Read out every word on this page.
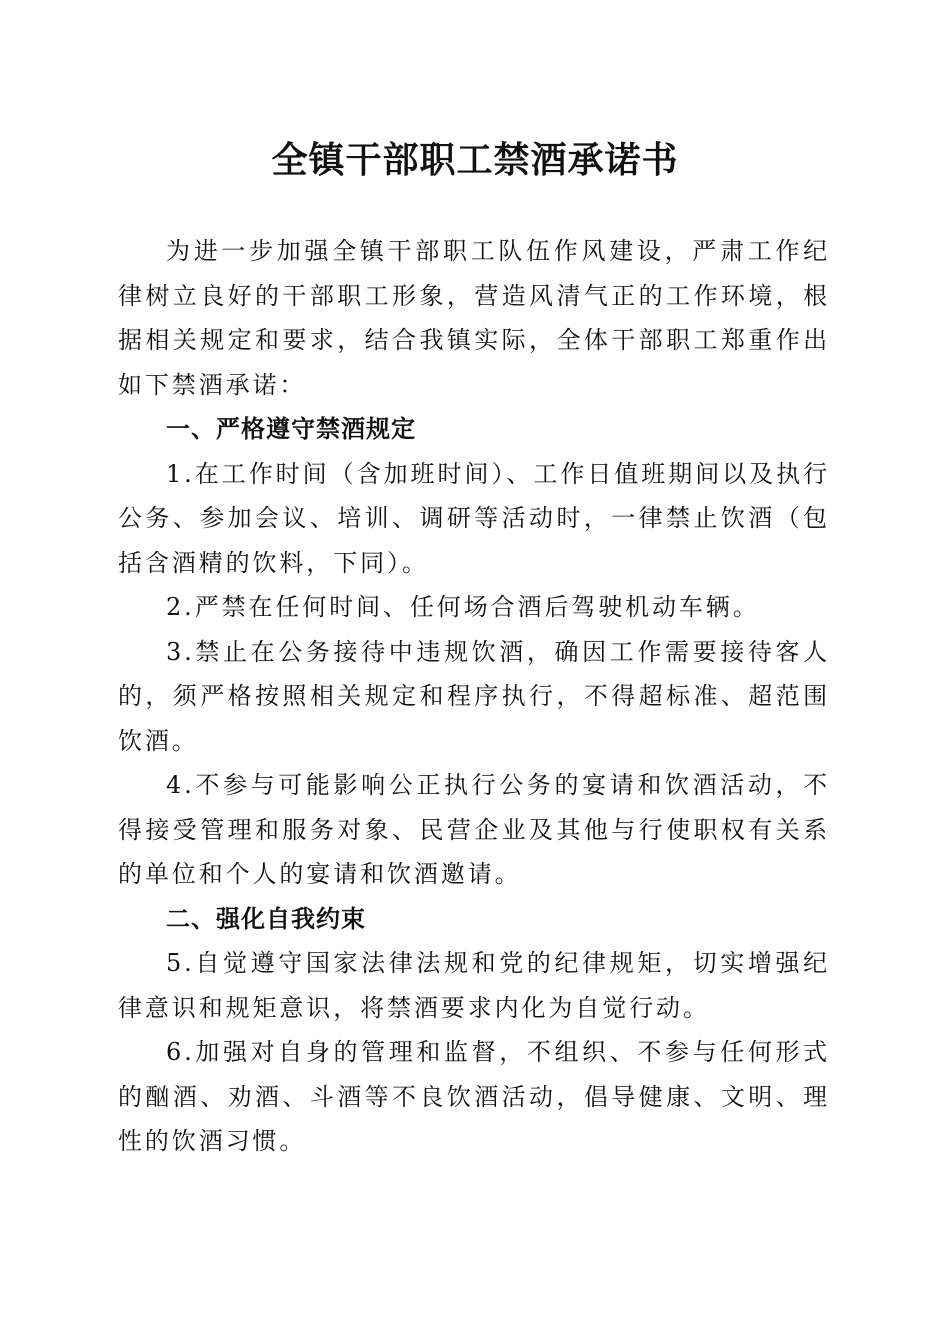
全镇干部职工禁酒承诺书

为进一步加强全镇干部职工队伍作风建设，严肃工作纪律树立良好的干部职工形象，营造风清气正的工作环境，根据相关规定和要求，结合我镇实际，全体干部职工郑重作出如下禁酒承诺：

一、严格遵守禁酒规定

1.在工作时间（含加班时间）、工作日值班期间以及执行公务、参加会议、培训、调研等活动时，一律禁止饮酒（包括含酒精的饮料，下同）。

2.严禁在任何时间、任何场合酒后驾驶机动车辆。

3.禁止在公务接待中违规饮酒，确因工作需要接待客人的，须严格按照相关规定和程序执行，不得超标准、超范围饮酒。

4.不参与可能影响公正执行公务的宴请和饮酒活动，不得接受管理和服务对象、民营企业及其他与行使职权有关系的单位和个人的宴请和饮酒邀请。

二、强化自我约束

5.自觉遵守国家法律法规和党的纪律规矩，切实增强纪律意识和规矩意识，将禁酒要求内化为自觉行动。

6.加强对自身的管理和监督，不组织、不参与任何形式的酗酒、劝酒、斗酒等不良饮酒活动，倡导健康、文明、理性的饮酒习惯。
